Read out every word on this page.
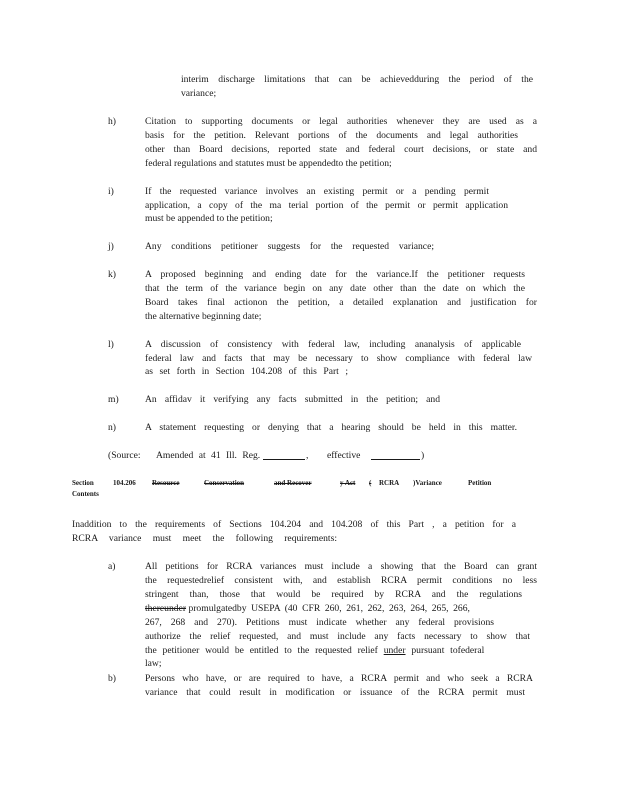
interim discharge limitations that can be achievedduring the period of the
variance;
h)	Citation to supporting documents or legal authorities whenever they are used as a
basis for the petition. Relevant portions of the documents and legal authorities
other than Board decisions, reported state and federal court decisions, or state and
federal regulations and statutes must be appendedto the petition;
i)	If the requested variance involves an existing permit or a pending permit
application, a copy of the ma terial portion of the permit or permit application
must be appended to the petition;
j)	Any conditions petitioner suggests for the requested variance;
k)	A proposed beginning and ending date for the variance.If the petitioner requests
that the term of the variance begin on any date other than the date on which the
Board takes final actionon the petition, a detailed explanation and justification for
the alternative beginning date;
l)	A discussion of consistency with federal law, including ananalysis of applicable
federal law and facts that may be necessary to show compliance with federal law
as set forth in Section 104.208 of this Part ;
m)	An affidav it verifying any facts submitted in the petition; and
n)	A statement requesting or denying that a hearing should be held in this matter.
(Source: Amended at 41 Ill. Reg.	, effective	)
Section	104.206 Resource	Conservation	and Recover	y Act ( RCRA )Variance	Petition
Contents
Inaddition to the requirements of Sections 104.204 and 104.208 of this Part , a petition for a
RCRA variance must meet the following requirements:
a)	All petitions for RCRA variances must include a showing that the Board can grant
the requestedrelief consistent with, and establish RCRA permit conditions no less
stringent than, those that would be required by RCRA and the regulations
thereunder promulgatedby USEPA (40 CFR 260, 261, 262, 263, 264, 265, 266,
267, 268 and 270). Petitions must indicate whether any federal provisions
authorize the relief requested, and must include any facts necessary to show that
the petitioner would be entitled to the requested relief under pursuant tofederal
law;
b)	Persons who have, or are required to have, a RCRA permit and who seek a RCRA
variance that could result in modification or issuance of the RCRA permit must
